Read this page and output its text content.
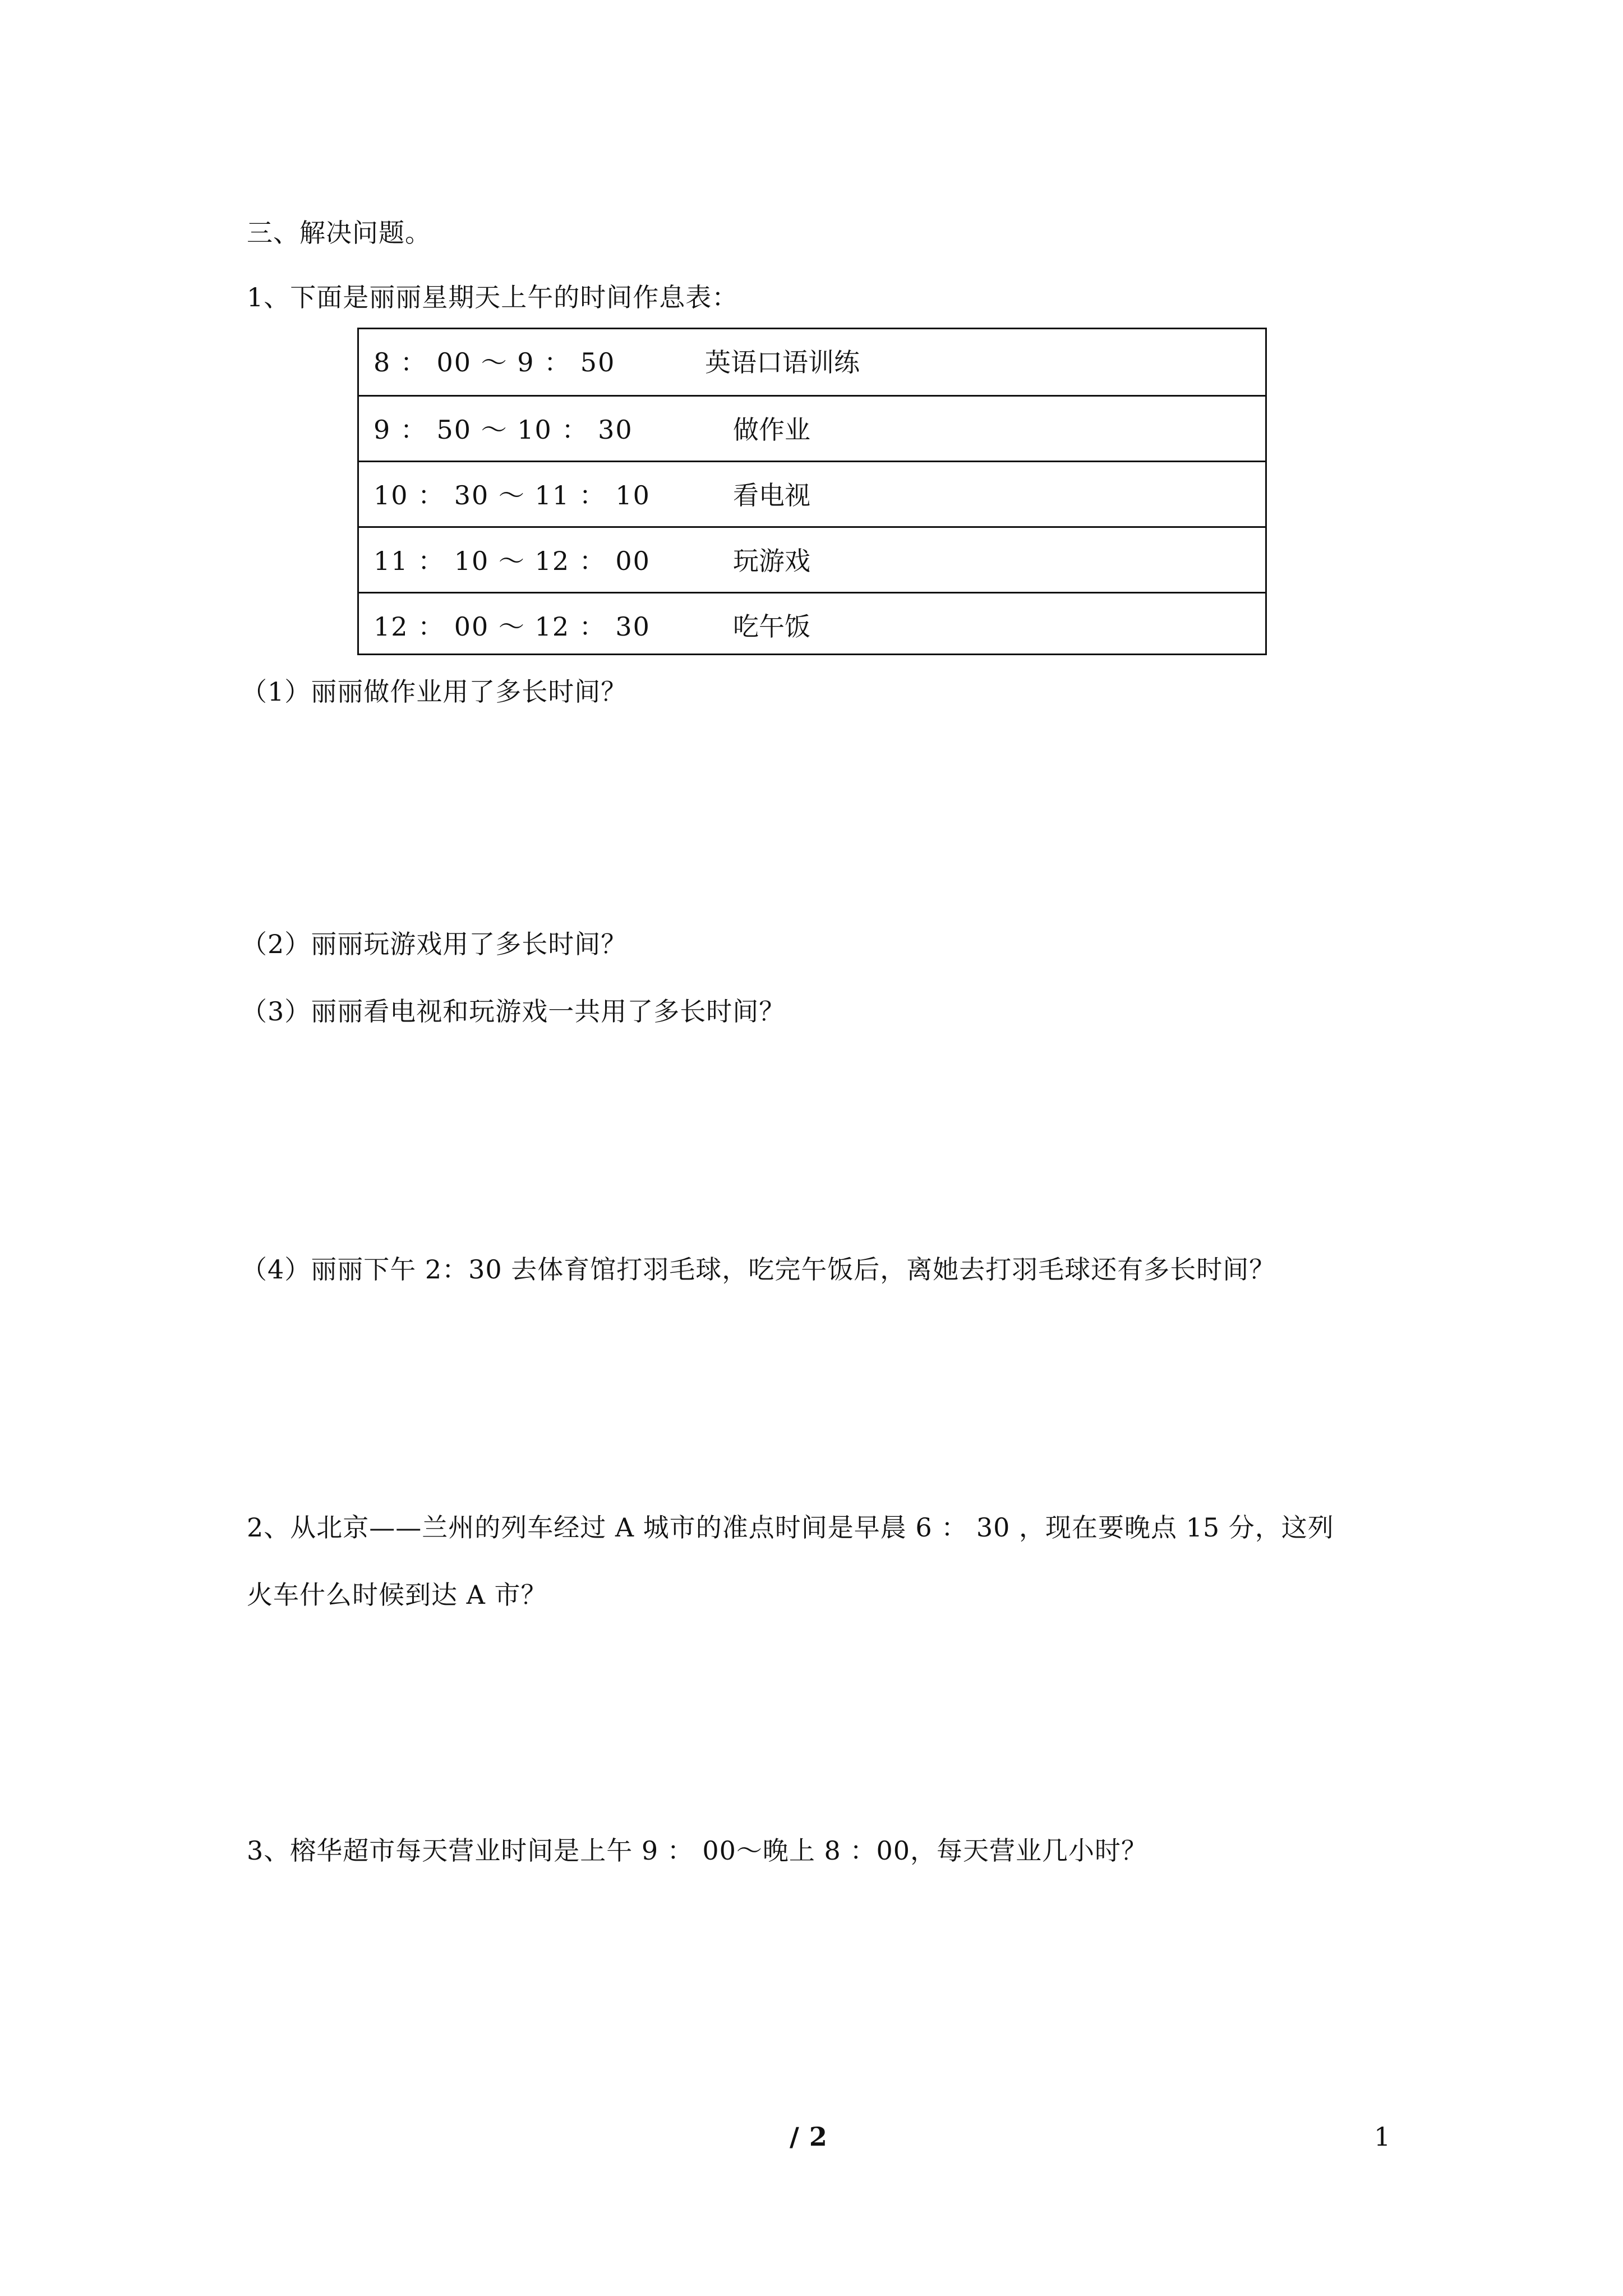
三、解决问题。
1、下面是丽丽星期天上午的时间作息表：
8 ： 00 ～ 9 ： 50	英语口语训练
9 ： 50 ～ 10 ： 30	做作业
10 ： 30 ～ 11 ： 10	看电视
11 ： 10 ～ 12 ： 00	玩游戏
12 ： 00 ～ 12 ： 30	吃午饭
（1）丽丽做作业用了多长时间？
（2）丽丽玩游戏用了多长时间？
（3）丽丽看电视和玩游戏一共用了多长时间？
（4）丽丽下午 2：30 去体育馆打羽毛球，吃完午饭后，离她去打羽毛球还有多长时间？
2、从北京——兰州的列车经过 A 城市的准点时间是早晨 6 ： 30 ，现在要晚点 15 分，这列
火车什么时候到达 A 市？
3、榕华超市每天营业时间是上午 9 ： 00～晚上 8 ：00，每天营业几小时？
/ 2	1
